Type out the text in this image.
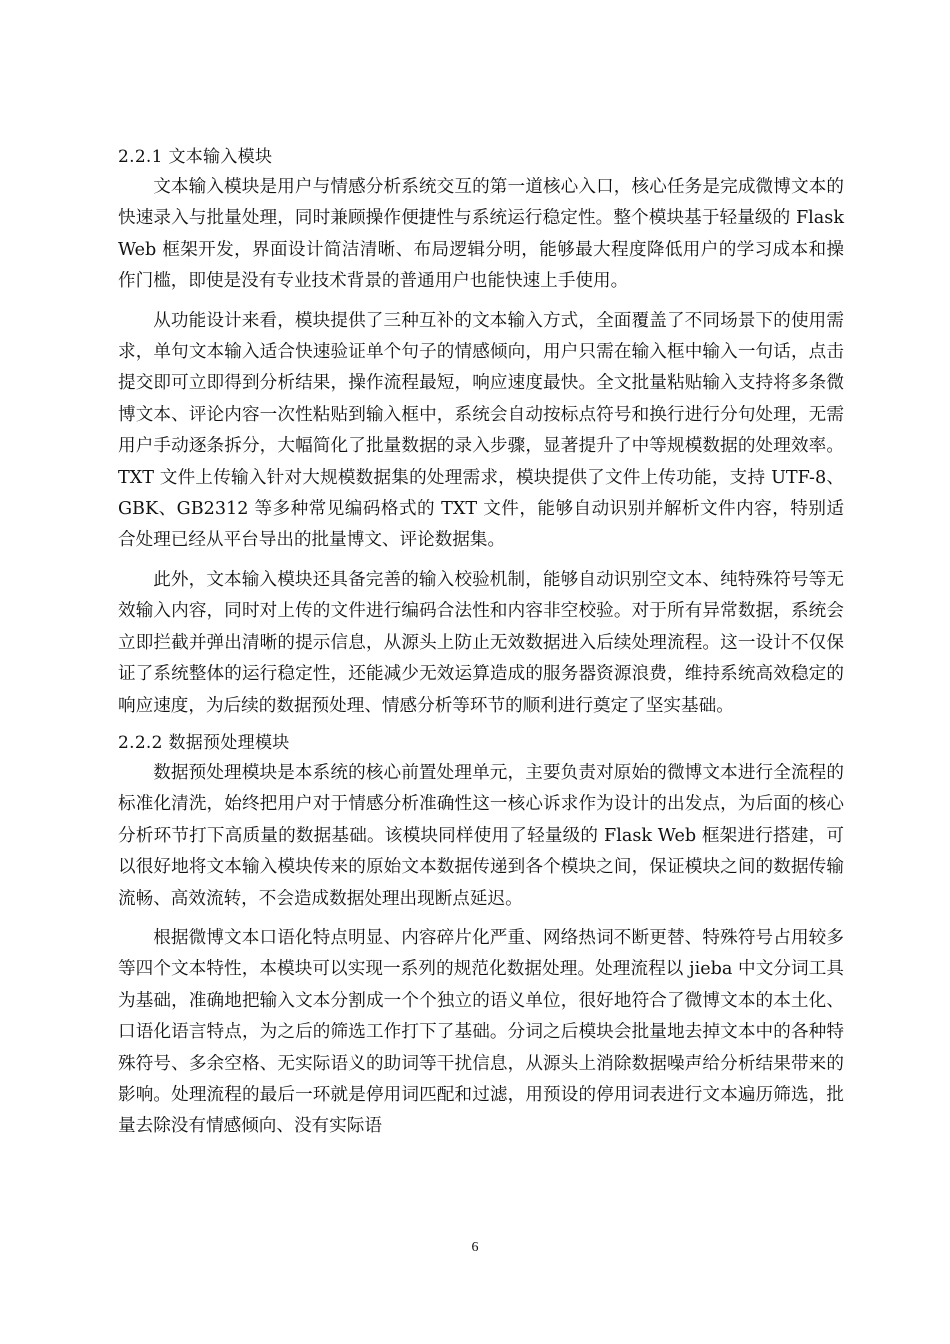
2.2.1 文本输入模块

文本输入模块是用户与情感分析系统交互的第一道核心入口，核心任务是完成微博文本的快速录入与批量处理，同时兼顾操作便捷性与系统运行稳定性。整个模块基于轻量级的 Flask Web 框架开发，界面设计简洁清晰、布局逻辑分明，能够最大程度降低用户的学习成本和操作门槛，即使是没有专业技术背景的普通用户也能快速上手使用。

从功能设计来看，模块提供了三种互补的文本输入方式，全面覆盖了不同场景下的使用需求，单句文本输入适合快速验证单个句子的情感倾向，用户只需在输入框中输入一句话，点击提交即可立即得到分析结果，操作流程最短，响应速度最快。全文批量粘贴输入支持将多条微博文本、评论内容一次性粘贴到输入框中，系统会自动按标点符号和换行进行分句处理，无需用户手动逐条拆分，大幅简化了批量数据的录入步骤，显著提升了中等规模数据的处理效率。TXT 文件上传输入针对大规模数据集的处理需求，模块提供了文件上传功能，支持 UTF-8、GBK、GB2312 等多种常见编码格式的 TXT 文件，能够自动识别并解析文件内容，特别适合处理已经从平台导出的批量博文、评论数据集。

此外，文本输入模块还具备完善的输入校验机制，能够自动识别空文本、纯特殊符号等无效输入内容，同时对上传的文件进行编码合法性和内容非空校验。对于所有异常数据，系统会立即拦截并弹出清晰的提示信息，从源头上防止无效数据进入后续处理流程。这一设计不仅保证了系统整体的运行稳定性，还能减少无效运算造成的服务器资源浪费，维持系统高效稳定的响应速度，为后续的数据预处理、情感分析等环节的顺利进行奠定了坚实基础。

2.2.2 数据预处理模块

数据预处理模块是本系统的核心前置处理单元，主要负责对原始的微博文本进行全流程的标准化清洗，始终把用户对于情感分析准确性这一核心诉求作为设计的出发点，为后面的核心分析环节打下高质量的数据基础。该模块同样使用了轻量级的 Flask Web 框架进行搭建，可以很好地将文本输入模块传来的原始文本数据传递到各个模块之间，保证模块之间的数据传输流畅、高效流转，不会造成数据处理出现断点延迟。

根据微博文本口语化特点明显、内容碎片化严重、网络热词不断更替、特殊符号占用较多等四个文本特性，本模块可以实现一系列的规范化数据处理。处理流程以 jieba 中文分词工具为基础，准确地把输入文本分割成一个个独立的语义单位，很好地符合了微博文本的本土化、口语化语言特点，为之后的筛选工作打下了基础。分词之后模块会批量地去掉文本中的各种特殊符号、多余空格、无实际语义的助词等干扰信息，从源头上消除数据噪声给分析结果带来的影响。处理流程的最后一环就是停用词匹配和过滤，用预设的停用词表进行文本遍历筛选，批量去除没有情感倾向、没有实际语

6
